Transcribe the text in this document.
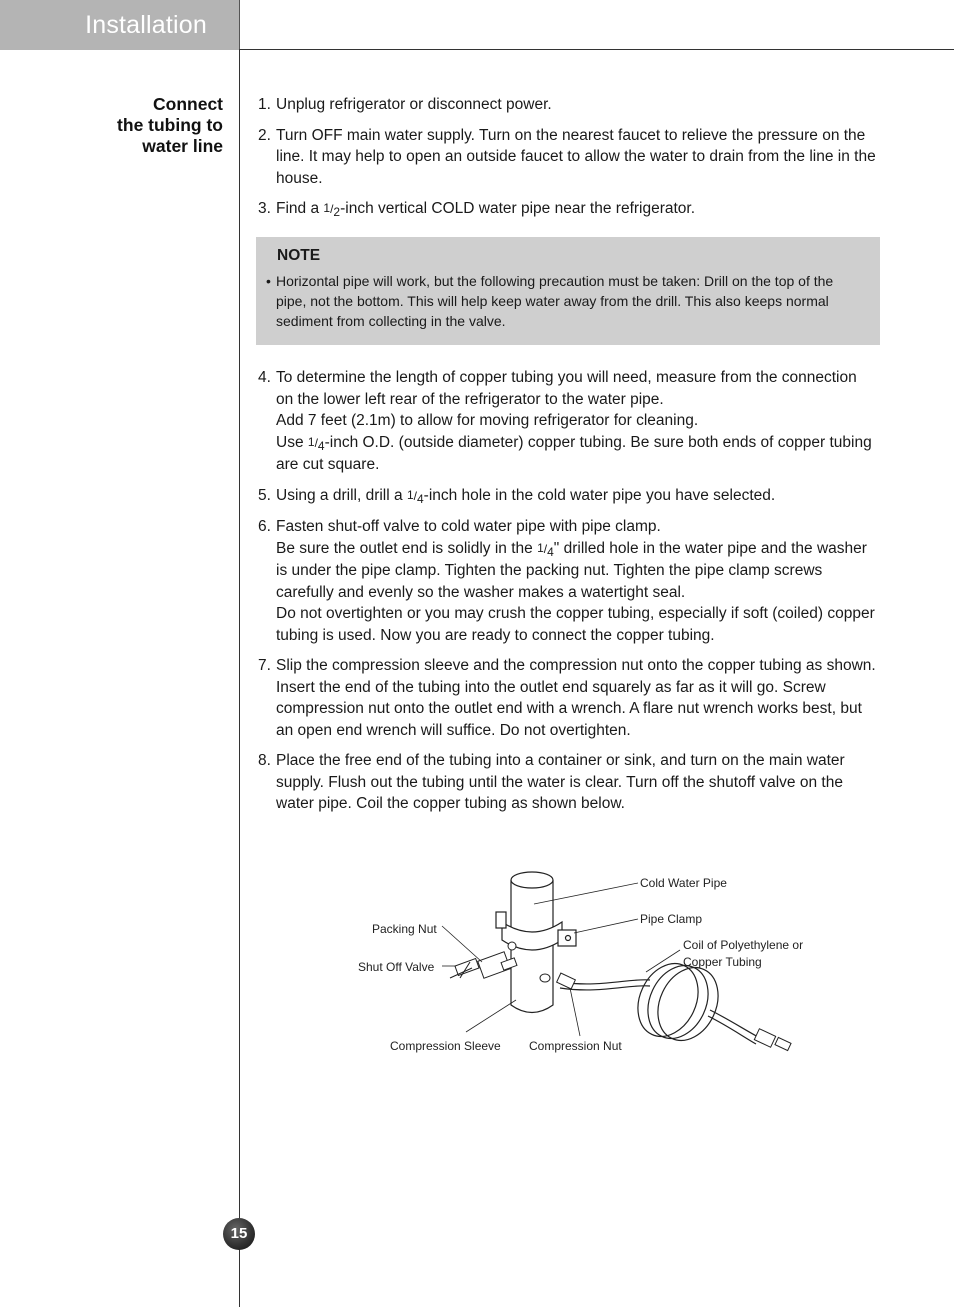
Installation
Connect
the tubing to
water line
1. Unplug refrigerator or disconnect power.

2. Turn OFF main water supply. Turn on the nearest faucet to relieve the pressure on the line. It may help to open an outside faucet to allow the water to drain from the line in the house.

3. Find a 1/2-inch vertical COLD water pipe near the refrigerator.

NOTE
• Horizontal pipe will work, but the following precaution must be taken: Drill on the top of the pipe, not the bottom. This will help keep water away from the drill. This also keeps normal sediment from collecting in the valve.
4. To determine the length of copper tubing you will need, measure from the connection on the lower left rear of the refrigerator to the water pipe.

Add 7 feet (2.1m) to allow for moving refrigerator for cleaning.

Use 1/4-inch O.D. (outside diameter) copper tubing. Be sure both ends of copper tubing are cut square.

5. Using a drill, drill a 1/4-inch hole in the cold water pipe you have selected.

6. Fasten shut-off valve to cold water pipe with pipe clamp.

Be sure the outlet end is solidly in the 1/4" drilled hole in the water pipe and the washer is under the pipe clamp. Tighten the packing nut. Tighten the pipe clamp screws carefully and evenly so the washer makes a watertight seal.

Do not overtighten or you may crush the copper tubing, especially if soft (coiled) copper tubing is used. Now you are ready to connect the copper tubing.

7. Slip the compression sleeve and the compression nut onto the copper tubing as shown. Insert the end of the tubing into the outlet end squarely as far as it will go. Screw compression nut onto the outlet end with a wrench. A flare nut wrench works best, but an open end wrench will suffice. Do not overtighten.

8. Place the free end of the tubing into a container or sink, and turn on the main water supply. Flush out the tubing until the water is clear. Turn off the shutoff valve on the water pipe. Coil the copper tubing as shown below.

Cold Water Pipe
Pipe Clamp
Packing Nut
Shut Off Valve
Coil of Polyethylene or
Copper Tubing
Compression Sleeve Compression Nut
15
